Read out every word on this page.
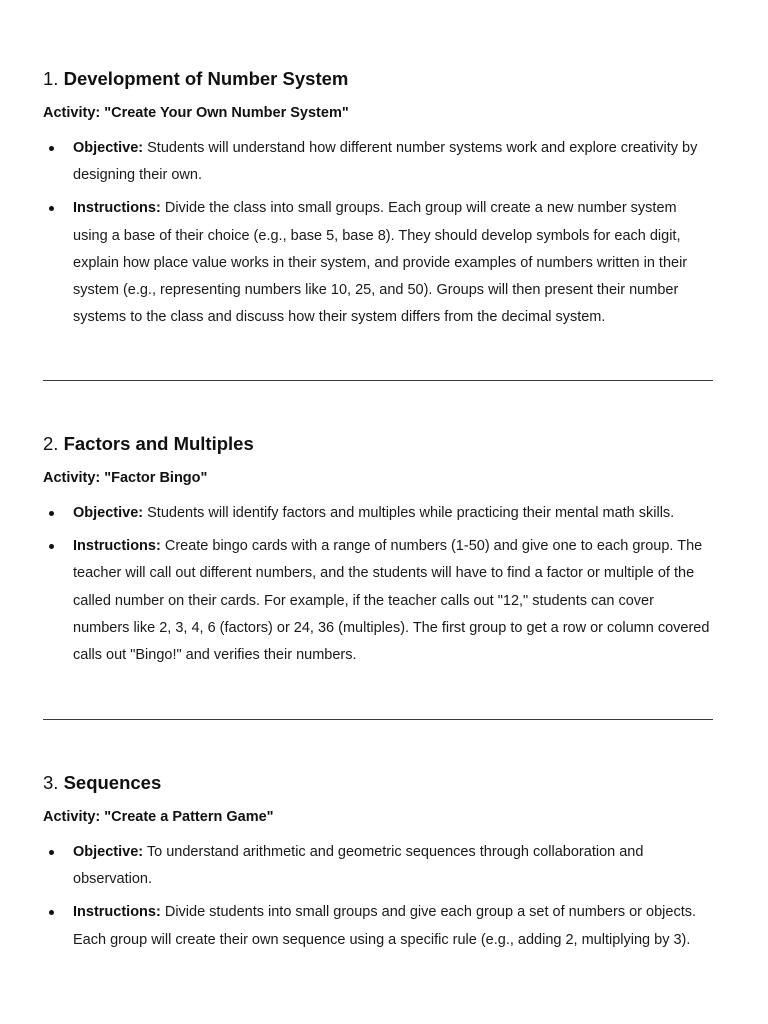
1. Development of Number System

Activity: "Create Your Own Number System"

Objective: Students will understand how different number systems work and explore creativity by designing their own.
Instructions: Divide the class into small groups. Each group will create a new number system using a base of their choice (e.g., base 5, base 8). They should develop symbols for each digit, explain how place value works in their system, and provide examples of numbers written in their system (e.g., representing numbers like 10, 25, and 50). Groups will then present their number systems to the class and discuss how their system differs from the decimal system.
2. Factors and Multiples

Activity: "Factor Bingo"

Objective: Students will identify factors and multiples while practicing their mental math skills.
Instructions: Create bingo cards with a range of numbers (1-50) and give one to each group. The teacher will call out different numbers, and the students will have to find a factor or multiple of the called number on their cards. For example, if the teacher calls out "12," students can cover numbers like 2, 3, 4, 6 (factors) or 24, 36 (multiples). The first group to get a row or column covered calls out "Bingo!" and verifies their numbers.
3. Sequences

Activity: "Create a Pattern Game"

Objective: To understand arithmetic and geometric sequences through collaboration and observation.
Instructions: Divide students into small groups and give each group a set of numbers or objects. Each group will create their own sequence using a specific rule (e.g., adding 2, multiplying by 3).
